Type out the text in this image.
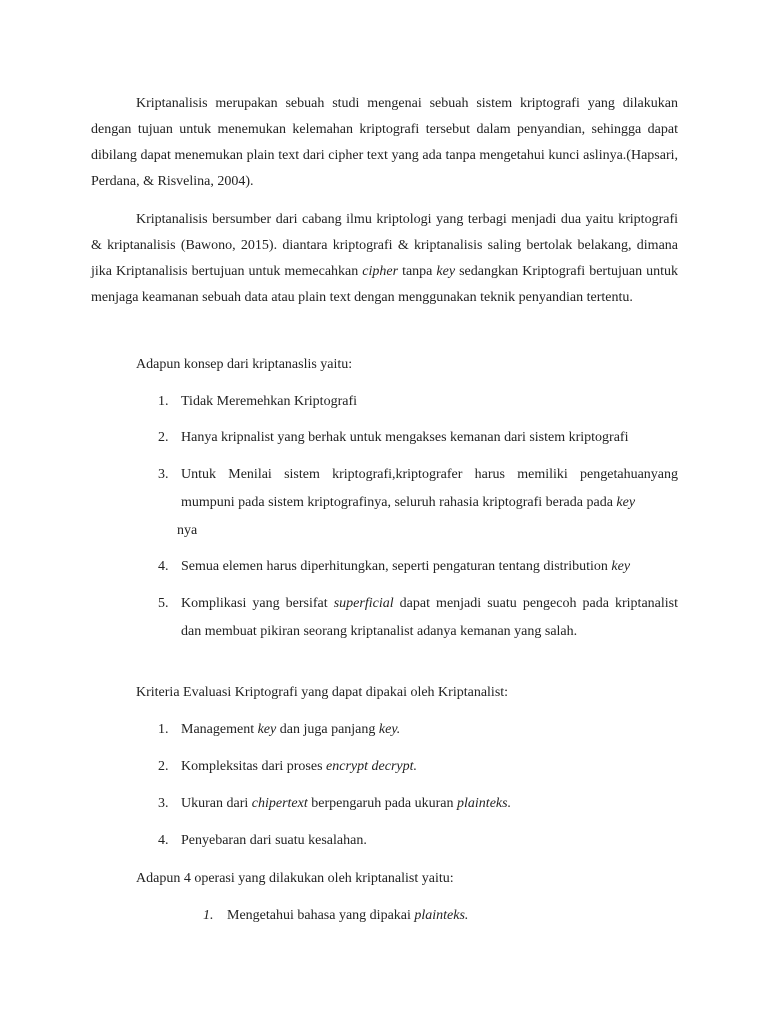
Kriptanalisis merupakan sebuah studi mengenai sebuah sistem kriptografi yang dilakukan dengan tujuan untuk menemukan kelemahan kriptografi tersebut dalam penyandian, sehingga dapat dibilang dapat menemukan plain text dari cipher text yang ada tanpa mengetahui kunci aslinya.(Hapsari, Perdana, & Risvelina, 2004).

Kriptanalisis bersumber dari cabang ilmu kriptologi yang terbagi menjadi dua yaitu kriptografi & kriptanalisis (Bawono, 2015). diantara kriptografi & kriptanalisis saling bertolak belakang, dimana jika Kriptanalisis bertujuan untuk memecahkan cipher tanpa key sedangkan Kriptografi bertujuan untuk menjaga keamanan sebuah data atau plain text dengan menggunakan teknik penyandian tertentu.

Adapun konsep dari kriptanaslis yaitu:
1. Tidak Meremehkan Kriptografi
2. Hanya kripnalist yang berhak untuk mengakses kemanan dari sistem kriptografi
3. Untuk Menilai sistem kriptografi,kriptografer harus memiliki pengetahuanyang mumpuni pada sistem kriptografinya, seluruh rahasia kriptografi berada pada key
nya

4. Semua elemen harus diperhitungkan, seperti pengaturan tentang distribution key
5. Komplikasi yang bersifat superficial dapat menjadi suatu pengecoh pada kriptanalist dan membuat pikiran seorang kriptanalist adanya kemanan yang salah.

Kriteria Evaluasi Kriptografi yang dapat dipakai oleh Kriptanalist:
1. Management key dan juga panjang key.
2. Kompleksitas dari proses encrypt decrypt.
3. Ukuran dari chipertext berpengaruh pada ukuran plainteks.
4. Penyebaran dari suatu kesalahan.
Adapun 4 operasi yang dilakukan oleh kriptanalist yaitu:
1. Mengetahui bahasa yang dipakai plainteks.
